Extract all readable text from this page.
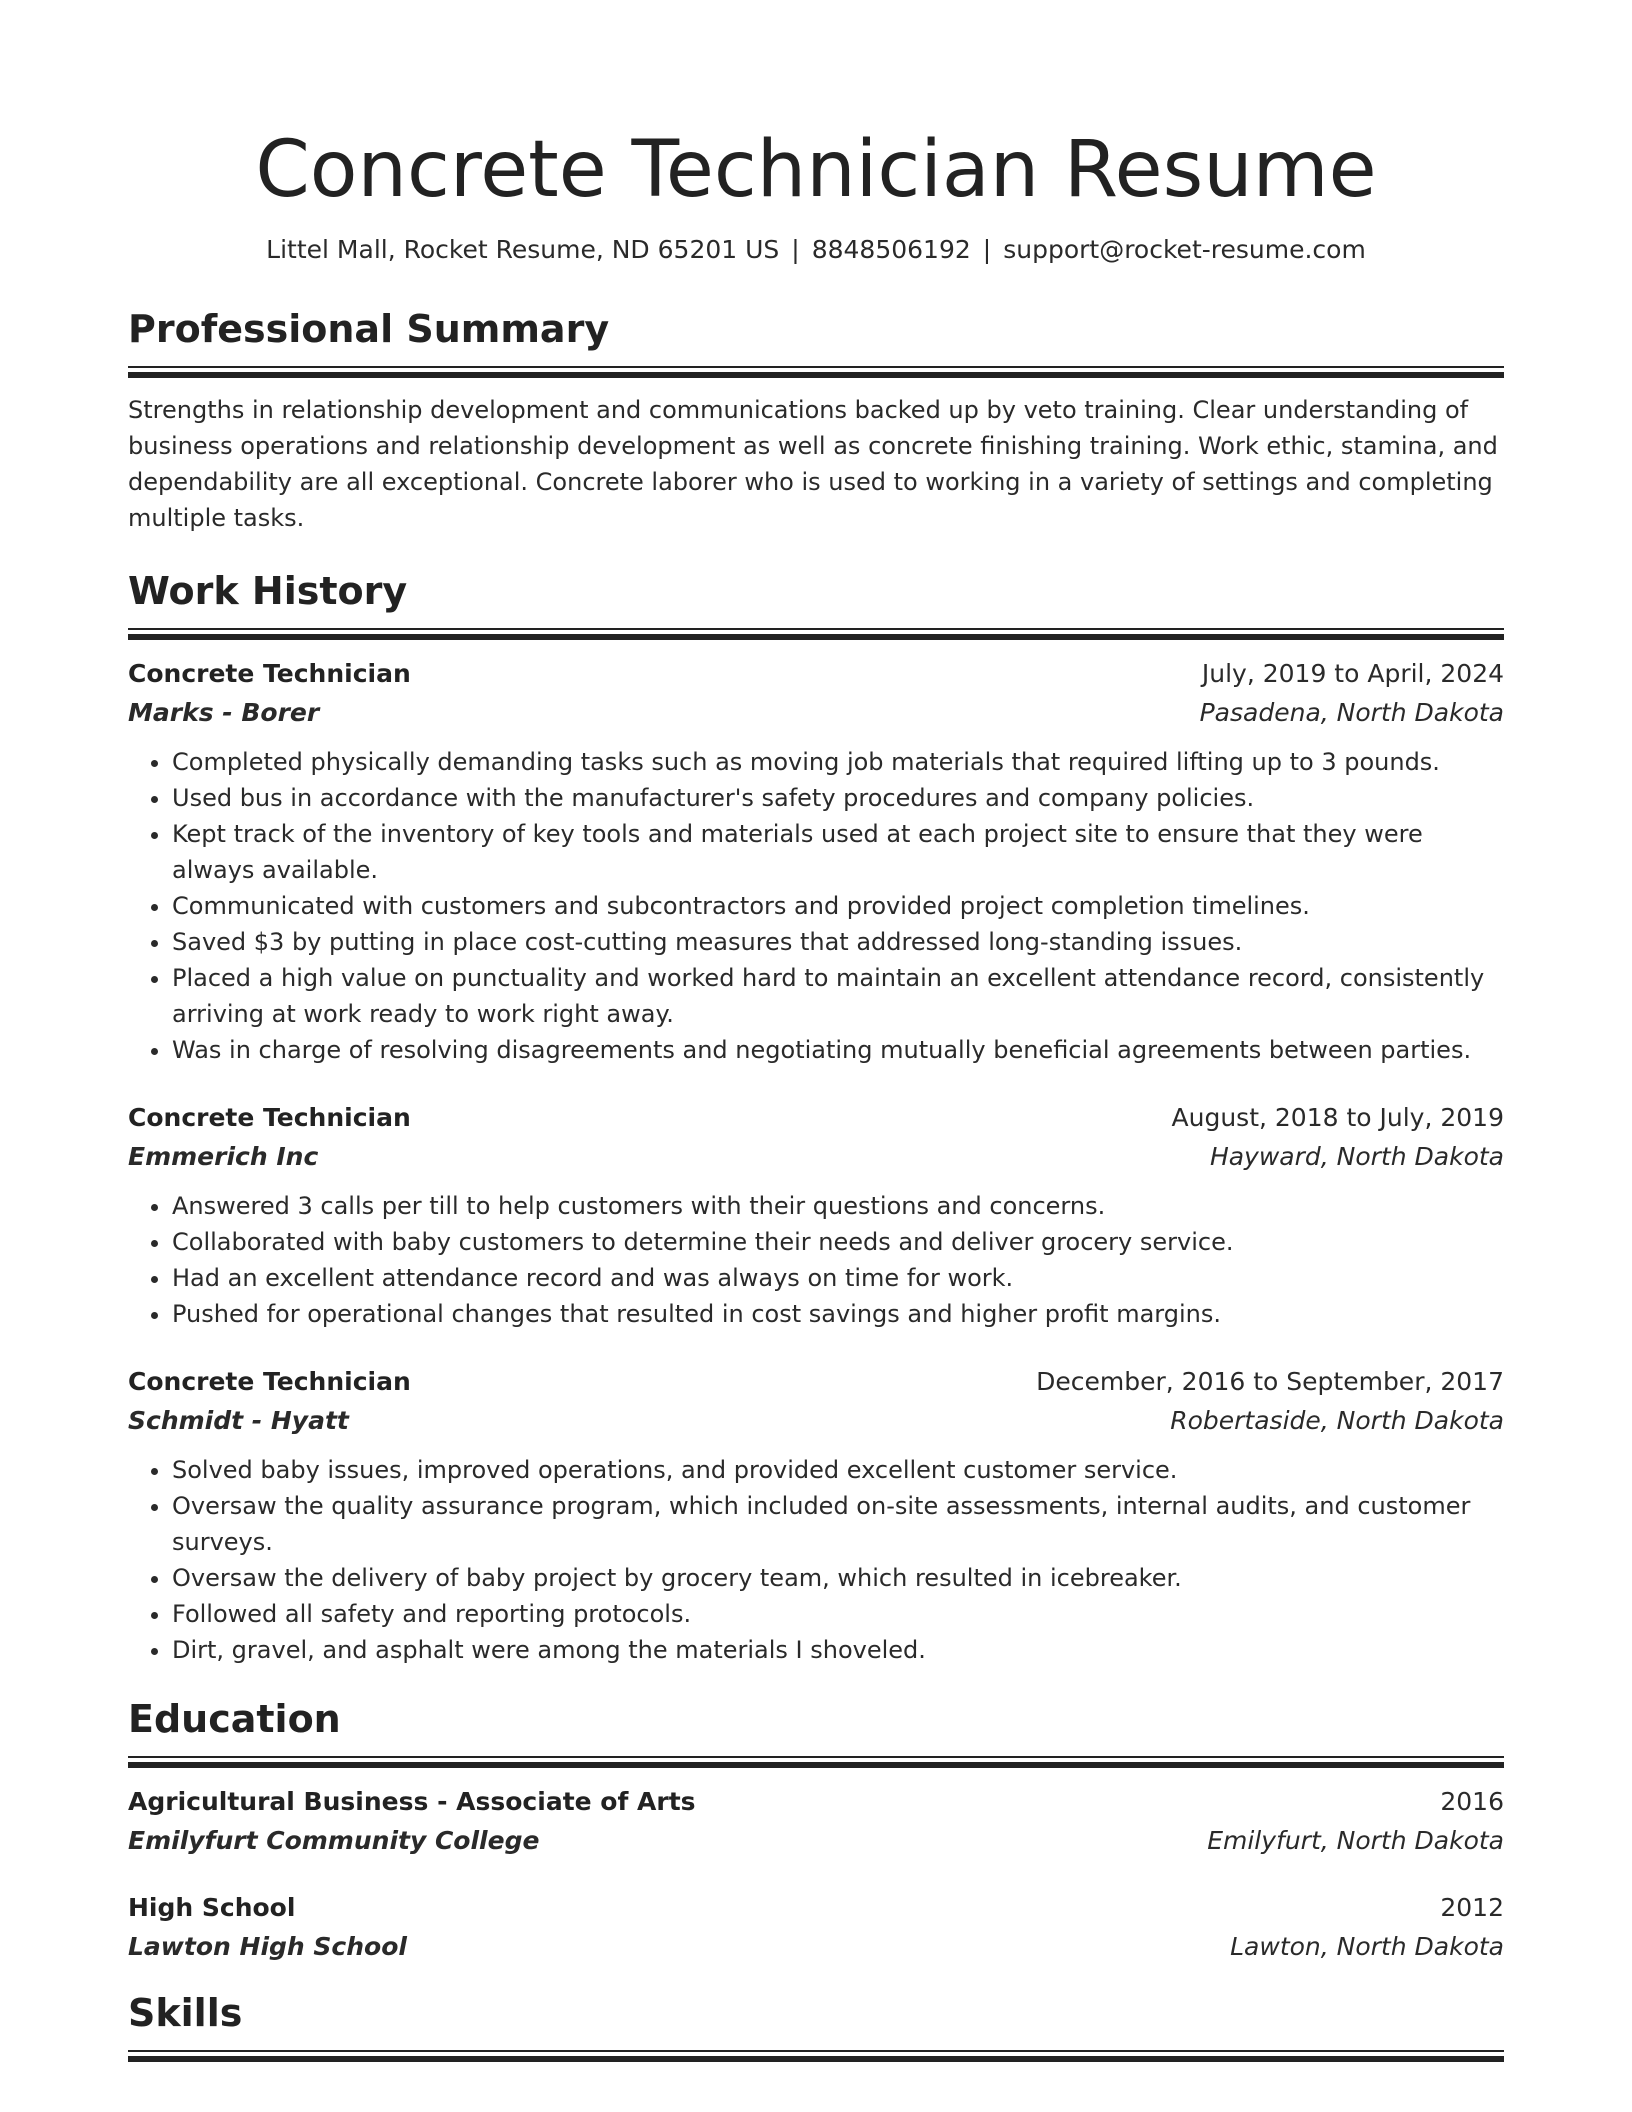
Concrete Technician Resume
Littel Mall, Rocket Resume, ND 65201 US | 8848506192 | support@rocket-resume.com
Professional Summary

Strengths in relationship development and communications backed up by veto training. Clear understanding of business operations and relationship development as well as concrete finishing training. Work ethic, stamina, and dependability are all exceptional. Concrete laborer who is used to working in a variety of settings and completing multiple tasks.

Work History
Concrete Technician	July, 2019 to April, 2024
Marks - Borer	Pasadena, North Dakota
• Completed physically demanding tasks such as moving job materials that required lifting up to 3 pounds.
• Used bus in accordance with the manufacturer's safety procedures and company policies.
• Kept track of the inventory of key tools and materials used at each project site to ensure that they were always available.
• Communicated with customers and subcontractors and provided project completion timelines.
• Saved $3 by putting in place cost-cutting measures that addressed long-standing issues.
• Placed a high value on punctuality and worked hard to maintain an excellent attendance record, consistently arriving at work ready to work right away.
• Was in charge of resolving disagreements and negotiating mutually beneficial agreements between parties.
Concrete Technician	August, 2018 to July, 2019
Emmerich Inc	Hayward, North Dakota
• Answered 3 calls per till to help customers with their questions and concerns.
• Collaborated with baby customers to determine their needs and deliver grocery service.
• Had an excellent attendance record and was always on time for work.
• Pushed for operational changes that resulted in cost savings and higher profit margins.
Concrete Technician	December, 2016 to September, 2017
Schmidt - Hyatt	Robertaside, North Dakota
• Solved baby issues, improved operations, and provided excellent customer service.
• Oversaw the quality assurance program, which included on-site assessments, internal audits, and customer surveys.
• Oversaw the delivery of baby project by grocery team, which resulted in icebreaker.
• Followed all safety and reporting protocols.
• Dirt, gravel, and asphalt were among the materials I shoveled.
Education
Agricultural Business - Associate of Arts	2016
Emilyfurt Community College	Emilyfurt, North Dakota
High School	2012
Lawton High School	Lawton, North Dakota
Skills
